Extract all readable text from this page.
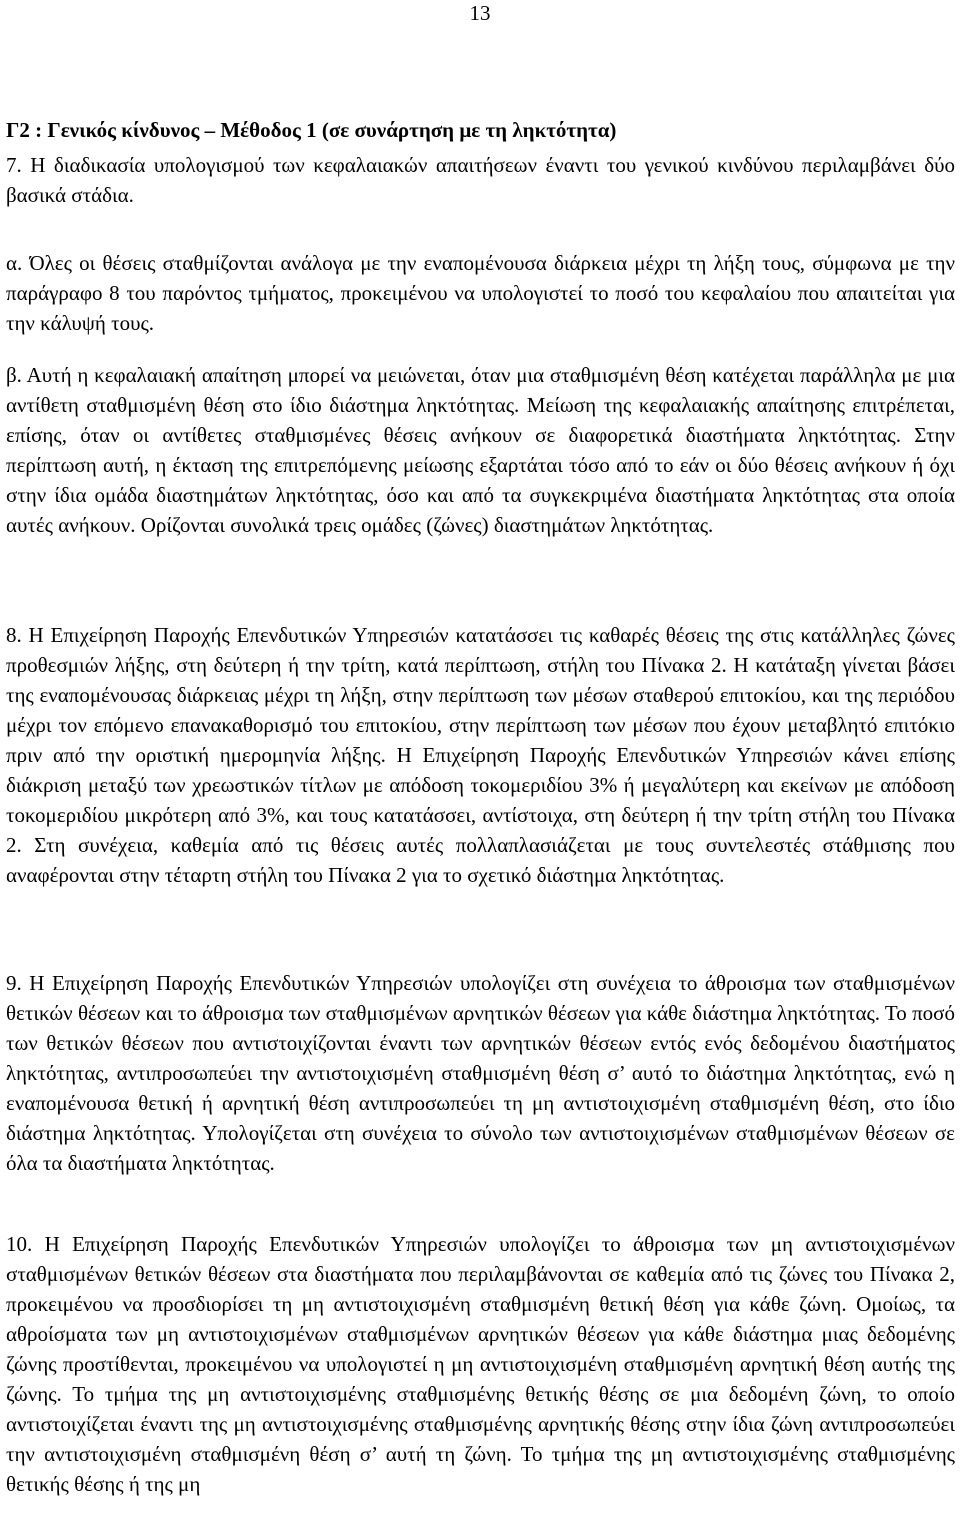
13
Γ2 : Γενικός κίνδυνος – Μέθοδος 1 (σε συνάρτηση με τη ληκτότητα)

7. Η διαδικασία υπολογισμού των κεφαλαιακών απαιτήσεων έναντι του γενικού κινδύνου περιλαμβάνει δύο βασικά στάδια.

α. Όλες οι θέσεις σταθμίζονται ανάλογα με την εναπομένουσα διάρκεια μέχρι τη λήξη τους, σύμφωνα με την παράγραφο 8 του παρόντος τμήματος, προκειμένου να υπολογιστεί το ποσό του κεφαλαίου που απαιτείται για την κάλυψή τους.

β. Αυτή η κεφαλαιακή απαίτηση μπορεί να μειώνεται, όταν μια σταθμισμένη θέση κατέχεται παράλληλα με μια αντίθετη σταθμισμένη θέση στο ίδιο διάστημα ληκτότητας. Μείωση της κεφαλαιακής απαίτησης επιτρέπεται, επίσης, όταν οι αντίθετες σταθμισμένες θέσεις ανήκουν σε διαφορετικά διαστήματα ληκτότητας. Στην περίπτωση αυτή, η έκταση της επιτρεπόμενης μείωσης εξαρτάται τόσο από το εάν οι δύο θέσεις ανήκουν ή όχι στην ίδια ομάδα διαστημάτων ληκτότητας, όσο και από τα συγκεκριμένα διαστήματα ληκτότητας στα οποία αυτές ανήκουν. Ορίζονται συνολικά τρεις ομάδες (ζώνες) διαστημάτων ληκτότητας.

8. Η Επιχείρηση Παροχής Επενδυτικών Υπηρεσιών κατατάσσει τις καθαρές θέσεις της στις κατάλληλες ζώνες προθεσμιών λήξης, στη δεύτερη ή την τρίτη, κατά περίπτωση, στήλη του Πίνακα 2. Η κατάταξη γίνεται βάσει της εναπομένουσας διάρκειας μέχρι τη λήξη, στην περίπτωση των μέσων σταθερού επιτοκίου, και της περιόδου μέχρι τον επόμενο επανακαθορισμό του επιτοκίου, στην περίπτωση των μέσων που έχουν μεταβλητό επιτόκιο πριν από την οριστική ημερομηνία λήξης. Η Επιχείρηση Παροχής Επενδυτικών Υπηρεσιών κάνει επίσης διάκριση μεταξύ των χρεωστικών τίτλων με απόδοση τοκομεριδίου 3% ή μεγαλύτερη και εκείνων με απόδοση τοκομεριδίου μικρότερη από 3%, και τους κατατάσσει, αντίστοιχα, στη δεύτερη ή την τρίτη στήλη του Πίνακα 2. Στη συνέχεια, καθεμία από τις θέσεις αυτές πολλαπλασιάζεται με τους συντελεστές στάθμισης που αναφέρονται στην τέταρτη στήλη του Πίνακα 2 για το σχετικό διάστημα ληκτότητας.

9. Η Επιχείρηση Παροχής Επενδυτικών Υπηρεσιών υπολογίζει στη συνέχεια το άθροισμα των σταθμισμένων θετικών θέσεων και το άθροισμα των σταθμισμένων αρνητικών θέσεων για κάθε διάστημα ληκτότητας. Το ποσό των θετικών θέσεων που αντιστοιχίζονται έναντι των αρνητικών θέσεων εντός ενός δεδομένου διαστήματος ληκτότητας, αντιπροσωπεύει την αντιστοιχισμένη σταθμισμένη θέση σ’ αυτό το διάστημα ληκτότητας, ενώ η εναπομένουσα θετική ή αρνητική θέση αντιπροσωπεύει τη μη αντιστοιχισμένη σταθμισμένη θέση, στο ίδιο διάστημα ληκτότητας. Υπολογίζεται στη συνέχεια το σύνολο των αντιστοιχισμένων σταθμισμένων θέσεων σε όλα τα διαστήματα ληκτότητας.

10. Η Επιχείρηση Παροχής Επενδυτικών Υπηρεσιών υπολογίζει το άθροισμα των μη αντιστοιχισμένων σταθμισμένων θετικών θέσεων στα διαστήματα που περιλαμβάνονται σε καθεμία από τις ζώνες του Πίνακα 2, προκειμένου να προσδιορίσει τη μη αντιστοιχισμένη σταθμισμένη θετική θέση για κάθε ζώνη. Ομοίως, τα αθροίσματα των μη αντιστοιχισμένων σταθμισμένων αρνητικών θέσεων για κάθε διάστημα μιας δεδομένης ζώνης προστίθενται, προκειμένου να υπολογιστεί η μη αντιστοιχισμένη σταθμισμένη αρνητική θέση αυτής της ζώνης. Το τμήμα της μη αντιστοιχισμένης σταθμισμένης θετικής θέσης σε μια δεδομένη ζώνη, το οποίο αντιστοιχίζεται έναντι της μη αντιστοιχισμένης σταθμισμένης αρνητικής θέσης στην ίδια ζώνη αντιπροσωπεύει την αντιστοιχισμένη σταθμισμένη θέση σ’ αυτή τη ζώνη. Το τμήμα της μη αντιστοιχισμένης σταθμισμένης θετικής θέσης ή της μη
